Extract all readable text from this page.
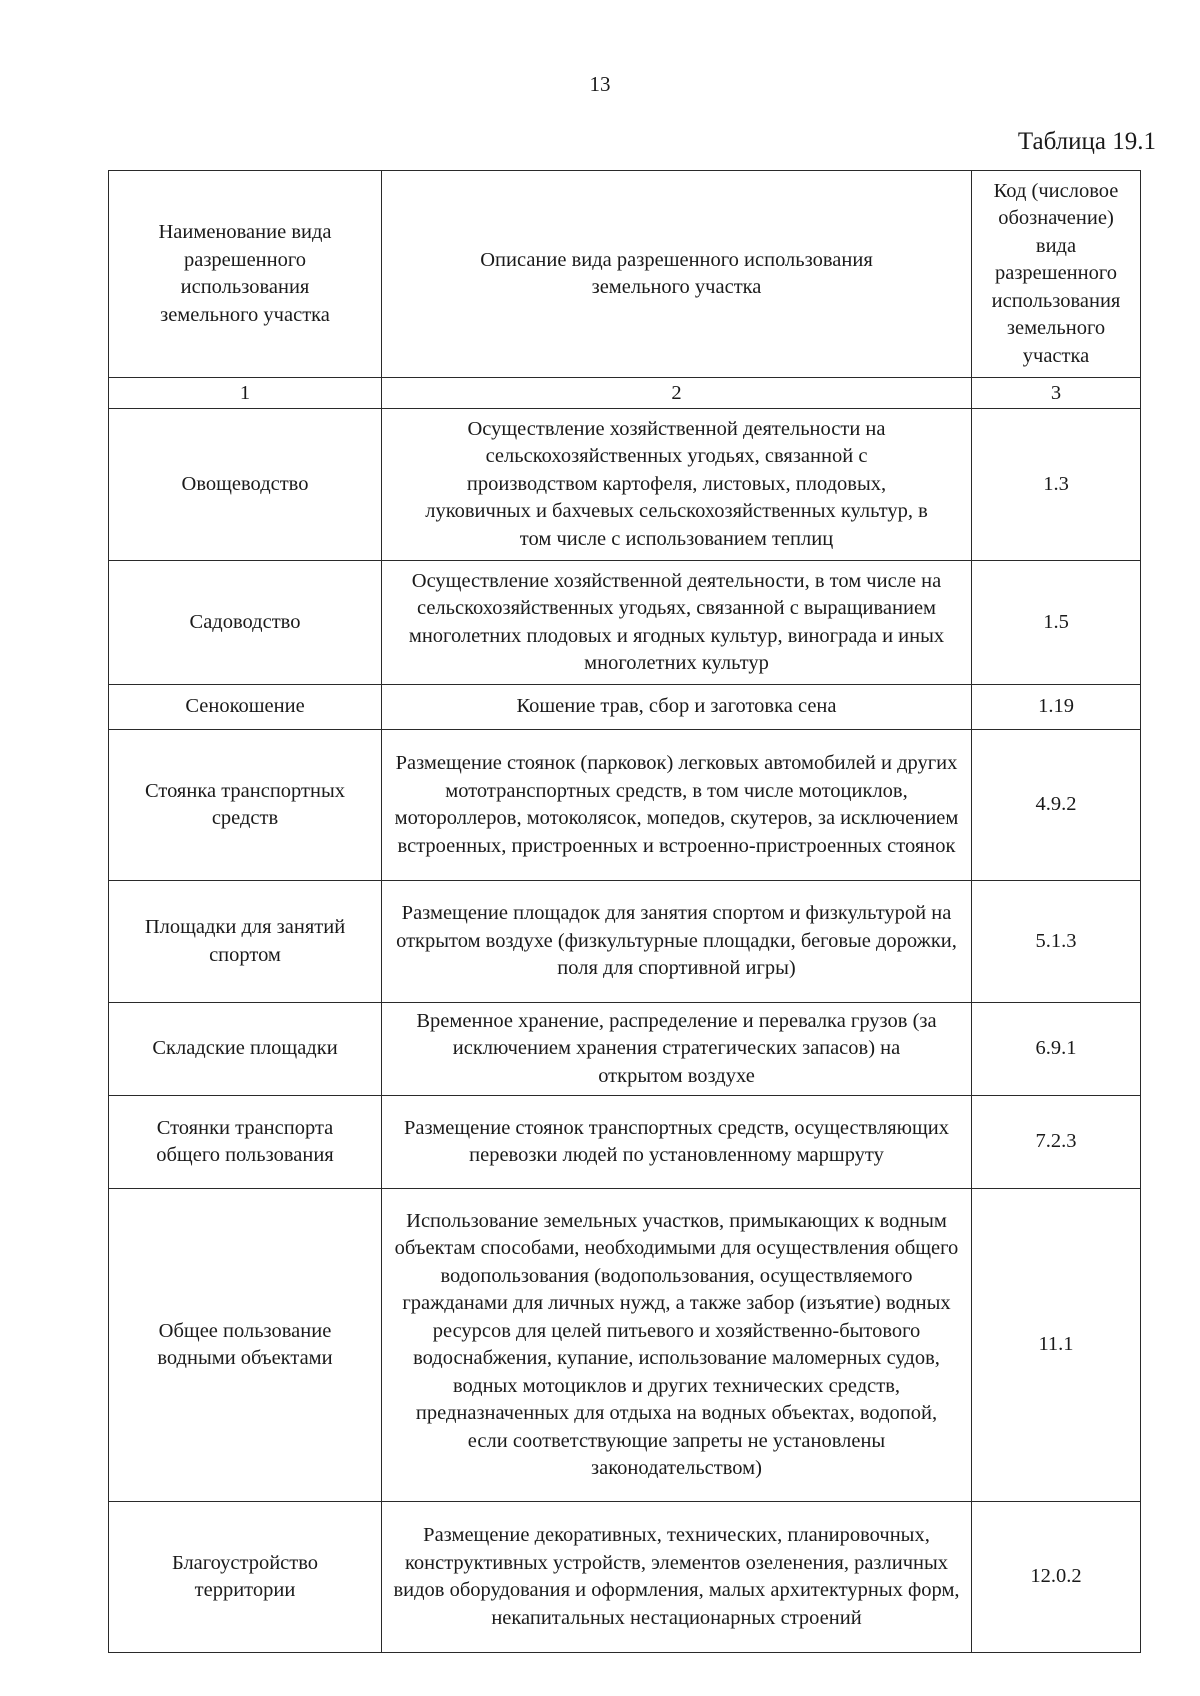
13
Таблица 19.1
Наименование вида разрешенного использования земельного участка	Описание вида разрешенного использования земельного участка	Код (числовое обозначение) вида разрешенного использования земельного участка
1	2	3
Овощеводство	Осуществление хозяйственной деятельности на сельскохозяйственных угодьях, связанной с производством картофеля, листовых, плодовых, луковичных и бахчевых сельскохозяйственных культур, в том числе с использованием теплиц	1.3
Садоводство	Осуществление хозяйственной деятельности, в том числе на сельскохозяйственных угодьях, связанной с выращиванием многолетних плодовых и ягодных культур, винограда и иных многолетних культур	1.5
Сенокошение	Кошение трав, сбор и заготовка сена	1.19
Стоянка транспортных средств	Размещение стоянок (парковок) легковых автомобилей и других мототранспортных средств, в том числе мотоциклов, мотороллеров, мотоколясок, мопедов, скутеров, за исключением встроенных, пристроенных и встроенно-пристроенных стоянок	4.9.2
Площадки для занятий спортом	Размещение площадок для занятия спортом и физкультурой на открытом воздухе (физкультурные площадки, беговые дорожки, поля для спортивной игры)	5.1.3
Складские площадки	Временное хранение, распределение и перевалка грузов (за исключением хранения стратегических запасов) на открытом воздухе	6.9.1
Стоянки транспорта общего пользования	Размещение стоянок транспортных средств, осуществляющих перевозки людей по установленному маршруту	7.2.3
Общее пользование водными объектами	Использование земельных участков, примыкающих к водным объектам способами, необходимыми для осуществления общего водопользования (водопользования, осуществляемого гражданами для личных нужд, а также забор (изъятие) водных ресурсов для целей питьевого и хозяйственно-бытового водоснабжения, купание, использование маломерных судов, водных мотоциклов и других технических средств, предназначенных для отдыха на водных объектах, водопой, если соответствующие запреты не установлены законодательством)	11.1
Благоустройство территории	Размещение декоративных, технических, планировочных, конструктивных устройств, элементов озеленения, различных видов оборудования и оформления, малых архитектурных форм, некапитальных нестационарных строений	12.0.2
